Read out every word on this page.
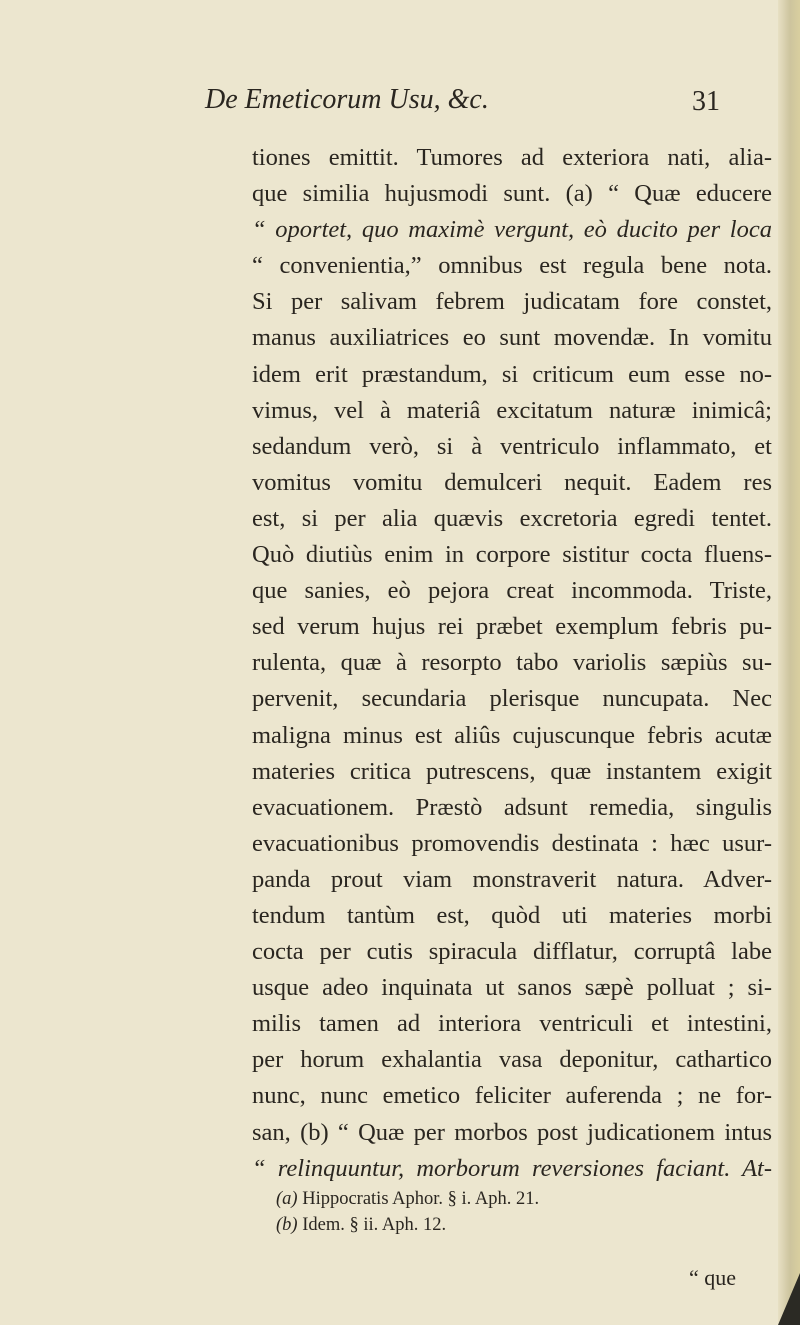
De Emeticorum Usu, &c.	31
tiones emittit. Tumores ad exteriora nati, alia-
que similia hujusmodi sunt. (a) “ Quæ educere
“ oportet, quo maximè vergunt, eò ducito per loca
“ convenientia,” omnibus est regula bene nota.
Si per salivam febrem judicatam fore constet,
manus auxiliatrices eo sunt movendæ. In vomitu
idem erit præstandum, si criticum eum esse no-
vimus, vel à materiâ excitatum naturæ inimicâ;
sedandum verò, si à ventriculo inflammato, et
vomitus vomitu demulceri nequit. Eadem res
est, si per alia quævis excretoria egredi tentet.
Quò diutiùs enim in corpore sistitur cocta fluens-
que sanies, eò pejora creat incommoda. Triste,
sed verum hujus rei præbet exemplum febris pu-
rulenta, quæ à resorpto tabo variolis sæpiùs su-
pervenit, secundaria plerisque nuncupata. Nec
maligna minus est aliûs cujuscunque febris acutæ
materies critica putrescens, quæ instantem exigit
evacuationem. Præstò adsunt remedia, singulis
evacuationibus promovendis destinata : hæc usur-
panda prout viam monstraverit natura. Adver-
tendum tantùm est, quòd uti materies morbi
cocta per cutis spiracula difflatur, corruptâ labe
usque adeo inquinata ut sanos sæpè polluat ; si-
milis tamen ad interiora ventriculi et intestini,
per horum exhalantia vasa deponitur, cathartico
nunc, nunc emetico feliciter auferenda ; ne for-
san, (b) “ Quæ per morbos post judicationem intus
“ relinquuntur, morborum reversiones faciant. At-
(a) Hippocratis Aphor. § i. Aph. 21.
(b) Idem. § ii. Aph. 12.
“ que
